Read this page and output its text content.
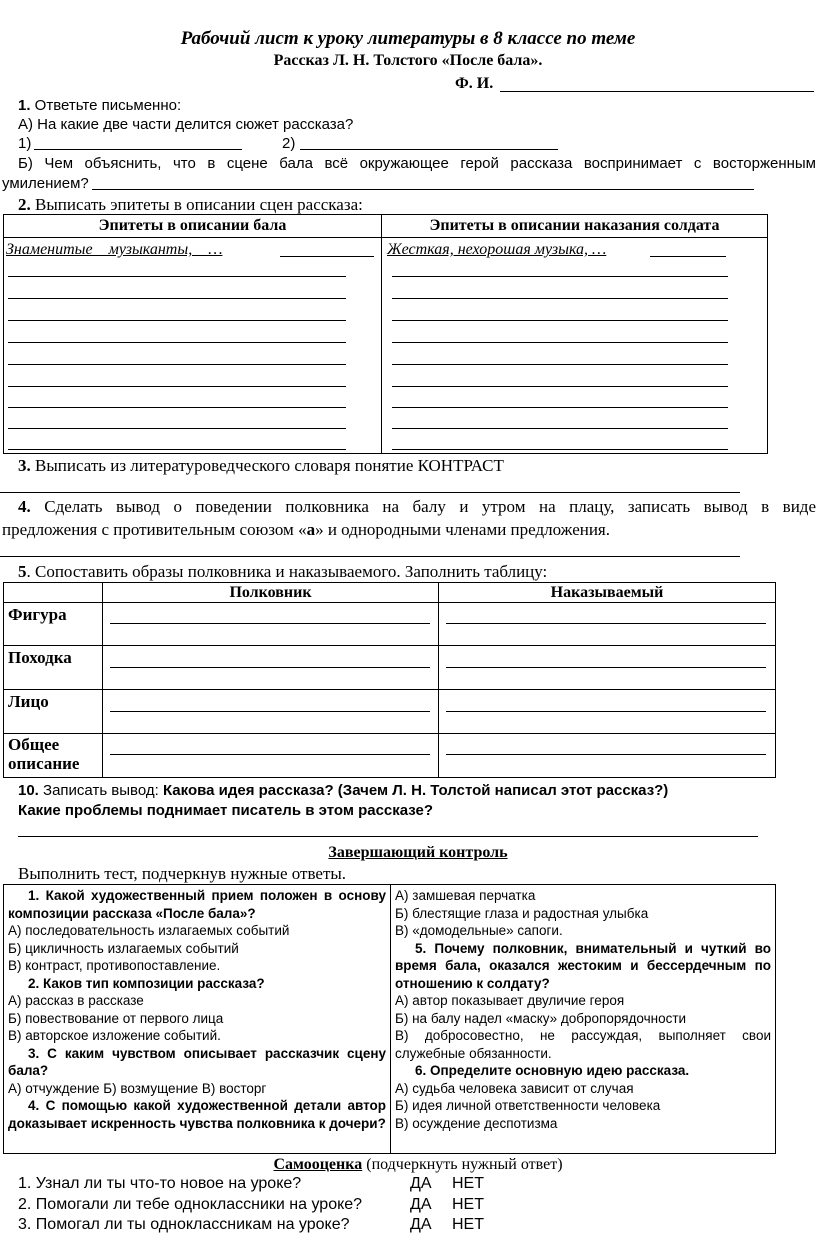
Рабочий лист к уроку литературы в 8 классе по теме
Рассказ Л. Н. Толстого «После бала».
Ф. И.
1. Ответьте письменно:
А) На какие две части делится сюжет рассказа?
1)	2)
Б) Чем объяснить, что в сцене бала всё окружающее герой рассказа воспринимает с восторженным
умилением?
2. Выписать эпитеты в описании сцен рассказа:
Эпитеты в описании бала	Эпитеты в описании наказания солдата

Знаменитые музыканты, …	Жесткая, нехорошая музыка, …
3. Выписать из литературоведческого словаря понятие КОНТРАСТ
4. Сделать вывод о поведении полковника на балу и утром на плацу, записать вывод в виде
предложения с противительным союзом «а» и однородными членами предложения.
5. Сопоставить образы полковника и наказываемого. Заполнить таблицу:
	Полковник	Наказываемый
Фигура		
Походка		
Лицо		
Общее описание		
10. Записать вывод: Какова идея рассказа? (Зачем Л. Н. Толстой написал этот рассказ?)
Какие проблемы поднимает писатель в этом рассказе?
Завершающий контроль
Выполнить тест, подчеркнув нужные ответы.

1. Какой художественный прием положен в основу композиции рассказа «После бала»?

А) последовательность излагаемых событий

Б) цикличность излагаемых событий

В) контраст, противопоставление.

2. Каков тип композиции рассказа?

А) рассказ в рассказе

Б) повествование от первого лица

В) авторское изложение событий.

3. С каким чувством описывает рассказчик сцену бала?

А) отчуждение Б) возмущение В) восторг

4. С помощью какой художественной детали автор доказывает искренность чувства полковника к дочери?

А) замшевая перчатка

Б) блестящие глаза и радостная улыбка

В) «домодельные» сапоги.

5. Почему полковник, внимательный и чуткий во время бала, оказался жестоким и бессердечным по отношению к солдату?

А) автор показывает двуличие героя

Б) на балу надел «маску» добропорядочности

В) добросовестно, не рассуждая, выполняет свои служебные обязанности.

6. Определите основную идею рассказа.

А) судьба человека зависит от случая

Б) идея личной ответственности человека

В) осуждение деспотизма

Самооценка (подчеркнуть нужный ответ)
1. Узнал ли ты что-то новое на уроке?	ДА НЕТ
2. Помогали ли тебе одноклассники на уроке?	ДА НЕТ
3. Помогал ли ты одноклассникам на уроке?	ДА НЕТ
